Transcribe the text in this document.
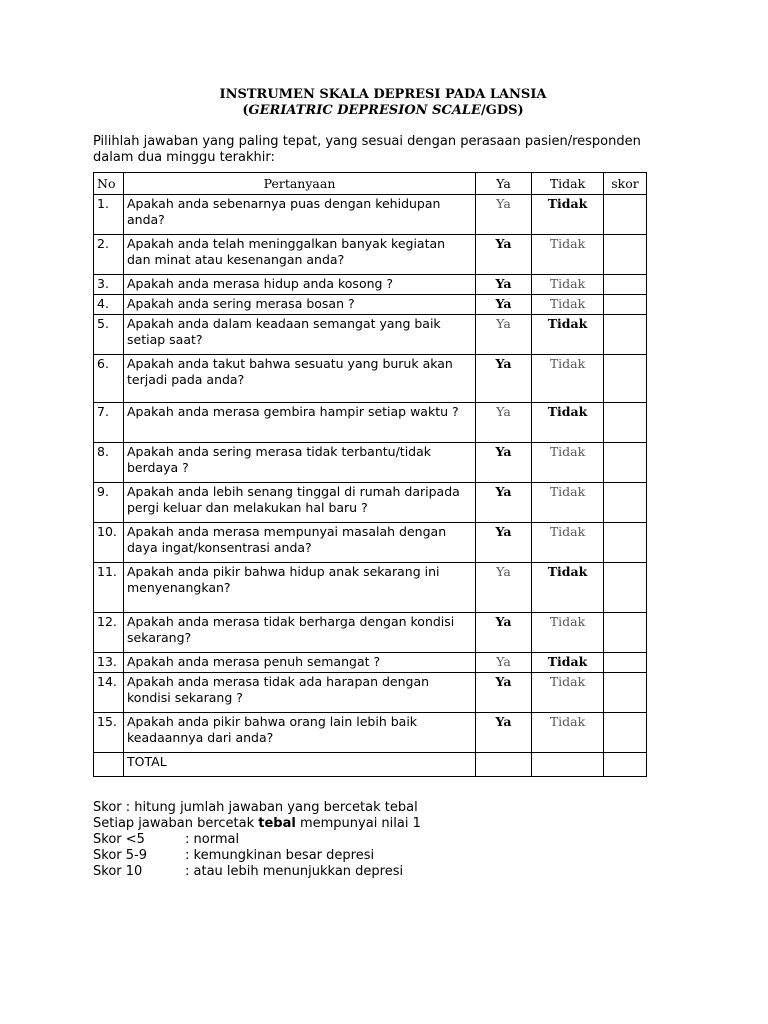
INSTRUMEN SKALA DEPRESI PADA LANSIA
(GERIATRIC DEPRESION SCALE/GDS)
Pilihlah jawaban yang paling tepat, yang sesuai dengan perasaan pasien/responden dalam dua minggu terakhir:
No	Pertanyaan	Ya	Tidak	skor
1.	Apakah anda sebenarnya puas dengan kehidupan anda?	Ya	Tidak	
2.	Apakah anda telah meninggalkan banyak kegiatan dan minat atau kesenangan anda?	Ya	Tidak	
3.	Apakah anda merasa hidup anda kosong ?	Ya	Tidak	
4.	Apakah anda sering merasa bosan ?	Ya	Tidak	
5.	Apakah anda dalam keadaan semangat yang baik setiap saat?	Ya	Tidak	
6.	Apakah anda takut bahwa sesuatu yang buruk akan terjadi pada anda?	Ya	Tidak	
7.	Apakah anda merasa gembira hampir setiap waktu ?	Ya	Tidak	
8.	Apakah anda sering merasa tidak terbantu/tidak berdaya ?	Ya	Tidak	
9.	Apakah anda lebih senang tinggal di rumah daripada pergi keluar dan melakukan hal baru ?	Ya	Tidak	
10.	Apakah anda merasa mempunyai masalah dengan daya ingat/konsentrasi anda?	Ya	Tidak	
11.	Apakah anda pikir bahwa hidup anak sekarang ini menyenangkan?	Ya	Tidak	
12.	Apakah anda merasa tidak berharga dengan kondisi sekarang?	Ya	Tidak	
13.	Apakah anda merasa penuh semangat ?	Ya	Tidak	
14.	Apakah anda merasa tidak ada harapan dengan kondisi sekarang ?	Ya	Tidak	
15.	Apakah anda pikir bahwa orang lain lebih baik keadaannya dari anda?	Ya	Tidak	
	TOTAL			
Skor : hitung jumlah jawaban yang bercetak tebal
Setiap jawaban bercetak tebal mempunyai nilai 1
Skor <5	: normal
Skor 5-9	: kemungkinan besar depresi
Skor 10	: atau lebih menunjukkan depresi
